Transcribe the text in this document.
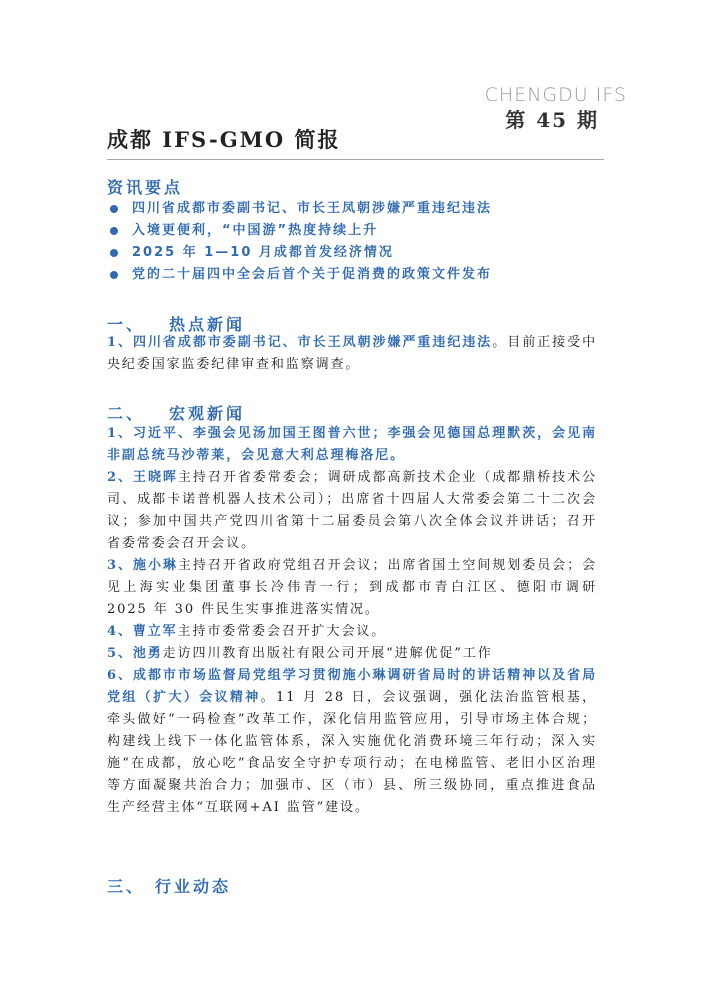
CHENGDU IFS
第 45 期
成都 IFS-GMO 简报
资讯要点
四川省成都市委副书记、市长王凤朝涉嫌严重违纪违法
入境更便利，“中国游”热度持续上升
2025 年 1—10 月成都首发经济情况
党的二十届四中全会后首个关于促消费的政策文件发布
一、 热点新闻

1、四川省成都市委副书记、市长王凤朝涉嫌严重违纪违法。目前正接受中央纪委国家监委纪律审查和监察调查。

二、 宏观新闻

1、习近平、李强会见汤加国王图普六世；李强会见德国总理默茨，会见南非副总统马沙蒂莱，会见意大利总理梅洛尼。

2、王晓晖主持召开省委常委会；调研成都高新技术企业（成都鼎桥技术公司、成都卡诺普机器人技术公司）；出席省十四届人大常委会第二十二次会议；参加中国共产党四川省第十二届委员会第八次全体会议并讲话；召开省委常委会召开会议。

3、施小琳主持召开省政府党组召开会议；出席省国土空间规划委员会；会见上海实业集团董事长冷伟青一行；到成都市青白江区、德阳市调研 2025 年 30 件民生实事推进落实情况。

4、曹立军主持市委常委会召开扩大会议。

5、池勇走访四川教育出版社有限公司开展“进解优促”工作

6、成都市市场监督局党组学习贯彻施小琳调研省局时的讲话精神以及省局党组（扩大）会议精神。11 月 28 日，会议强调，强化法治监管根基，牵头做好“一码检查”改革工作，深化信用监管应用，引导市场主体合规；构建线上线下一体化监管体系，深入实施优化消费环境三年行动；深入实施“在成都，放心吃”食品安全守护专项行动；在电梯监管、老旧小区治理等方面凝聚共治合力；加强市、区（市）县、所三级协同，重点推进食品生产经营主体“互联网+AI 监管”建设。

三、 行业动态
